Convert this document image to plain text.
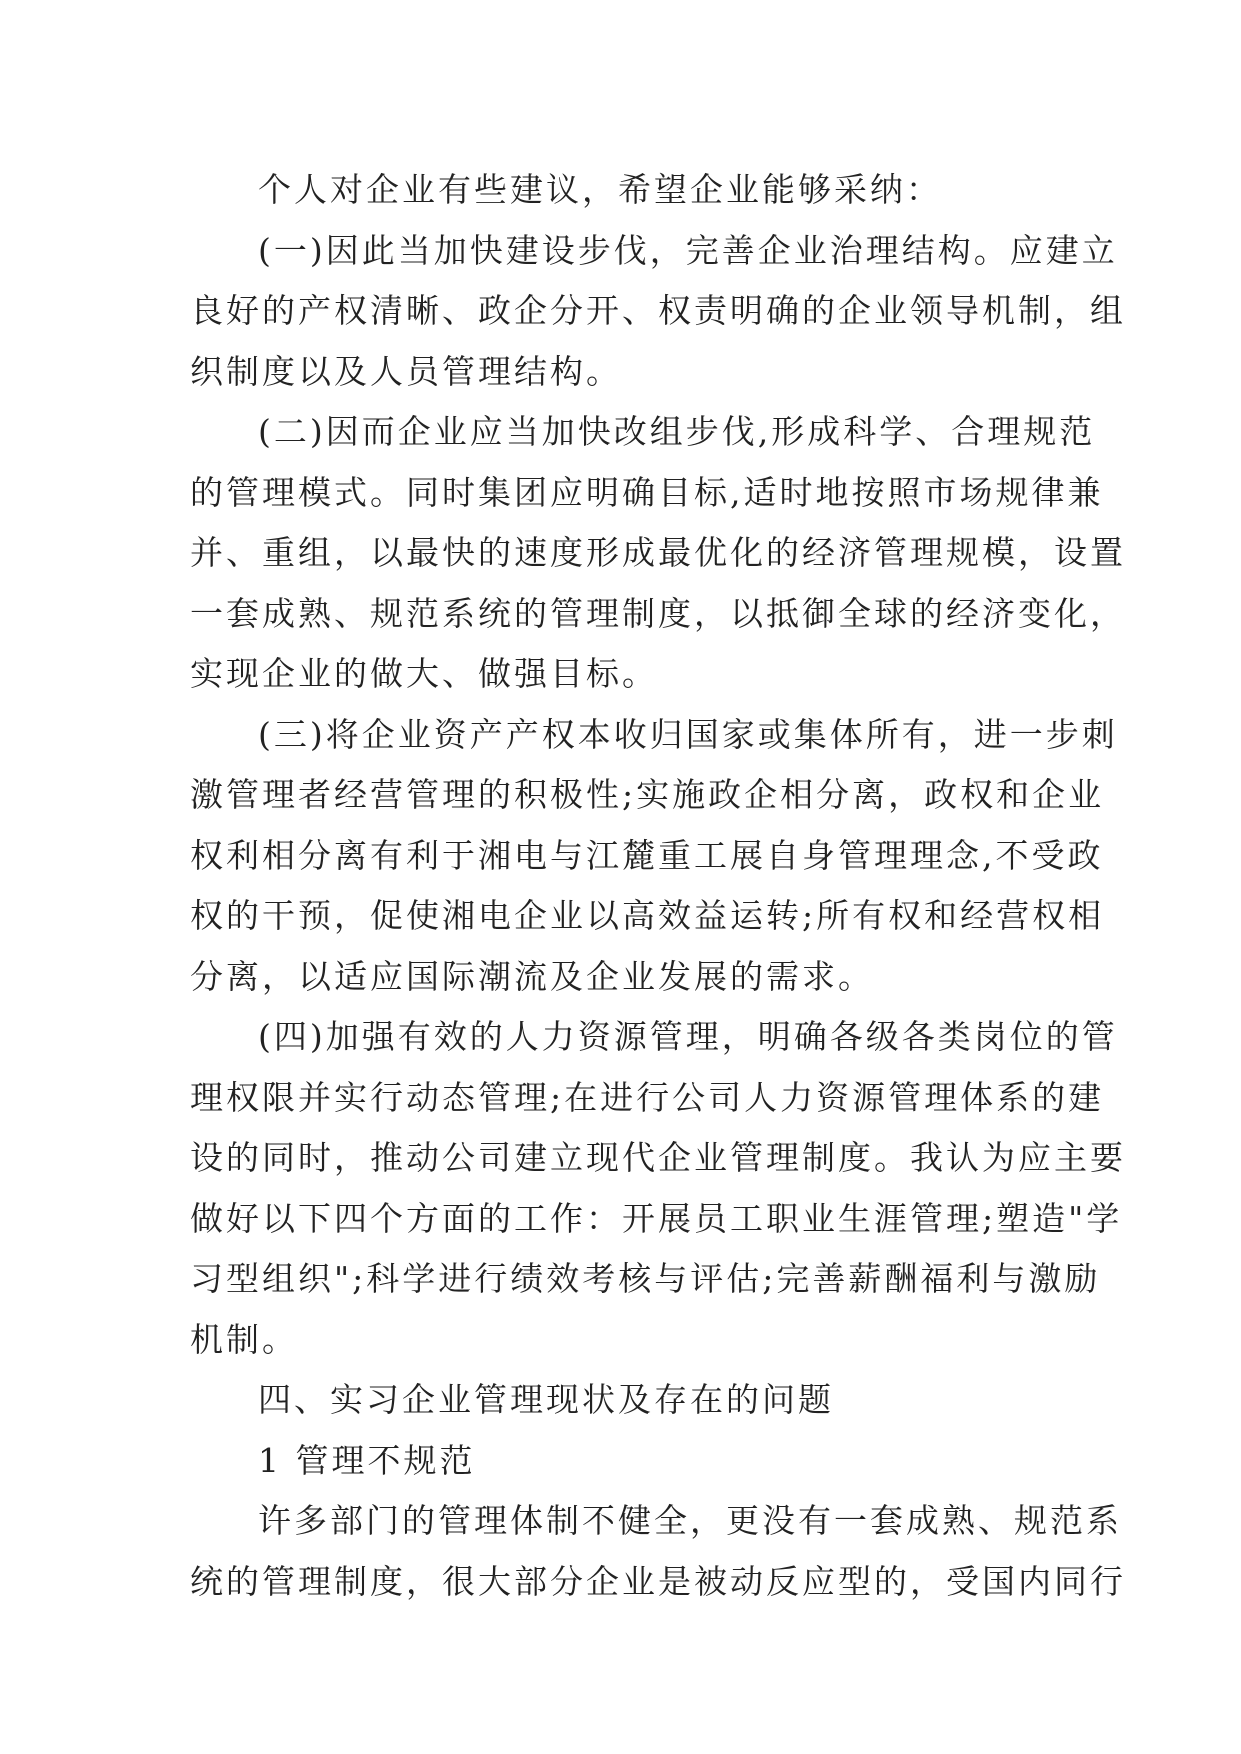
个人对企业有些建议，希望企业能够采纳：
(一)因此当加快建设步伐，完善企业治理结构。应建立
良好的产权清晰、政企分开、权责明确的企业领导机制，组
织制度以及人员管理结构。
(二)因而企业应当加快改组步伐,形成科学、合理规范
的管理模式。同时集团应明确目标,适时地按照市场规律兼
并、重组，以最快的速度形成最优化的经济管理规模，设置
一套成熟、规范系统的管理制度，以抵御全球的经济变化，
实现企业的做大、做强目标。
(三)将企业资产产权本收归国家或集体所有，进一步刺
激管理者经营管理的积极性;实施政企相分离，政权和企业
权利相分离有利于湘电与江麓重工展自身管理理念,不受政
权的干预，促使湘电企业以高效益运转;所有权和经营权相
分离，以适应国际潮流及企业发展的需求。
(四)加强有效的人力资源管理，明确各级各类岗位的管
理权限并实行动态管理;在进行公司人力资源管理体系的建
设的同时，推动公司建立现代企业管理制度。我认为应主要
做好以下四个方面的工作：开展员工职业生涯管理;塑造"学
习型组织";科学进行绩效考核与评估;完善薪酬福利与激励
机制。
四、实习企业管理现状及存在的问题
1 管理不规范
许多部门的管理体制不健全，更没有一套成熟、规范系
统的管理制度，很大部分企业是被动反应型的，受国内同行
